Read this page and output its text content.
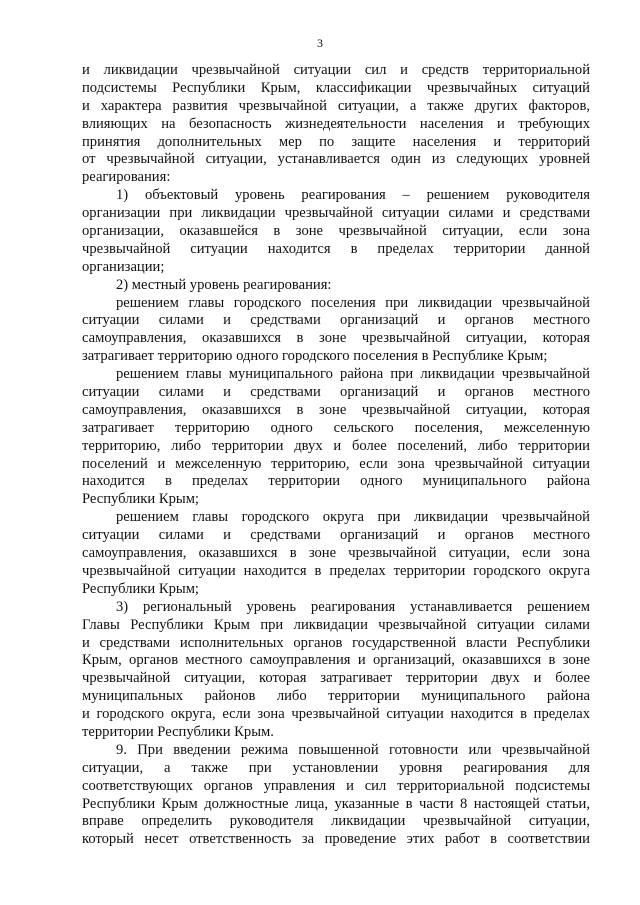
3
и ликвидации чрезвычайной ситуации сил и средств территориальной
подсистемы Республики Крым, классификации чрезвычайных ситуаций
и характера развития чрезвычайной ситуации, а также других факторов,
влияющих на безопасность жизнедеятельности населения и требующих
принятия дополнительных мер по защите населения и территорий
от чрезвычайной ситуации, устанавливается один из следующих уровней
реагирования:
1) объектовый уровень реагирования – решением руководителя
организации при ликвидации чрезвычайной ситуации силами и средствами
организации, оказавшейся в зоне чрезвычайной ситуации, если зона
чрезвычайной ситуации находится в пределах территории данной
организации;
2) местный уровень реагирования:
решением главы городского поселения при ликвидации чрезвычайной
ситуации силами и средствами организаций и органов местного
самоуправления, оказавшихся в зоне чрезвычайной ситуации, которая
затрагивает территорию одного городского поселения в Республике Крым;
решением главы муниципального района при ликвидации чрезвычайной
ситуации силами и средствами организаций и органов местного
самоуправления, оказавшихся в зоне чрезвычайной ситуации, которая
затрагивает территорию одного сельского поселения, межселенную
территорию, либо территории двух и более поселений, либо территории
поселений и межселенную территорию, если зона чрезвычайной ситуации
находится в пределах территории одного муниципального района
Республики Крым;
решением главы городского округа при ликвидации чрезвычайной
ситуации силами и средствами организаций и органов местного
самоуправления, оказавшихся в зоне чрезвычайной ситуации, если зона
чрезвычайной ситуации находится в пределах территории городского округа
Республики Крым;
3) региональный уровень реагирования устанавливается решением
Главы Республики Крым при ликвидации чрезвычайной ситуации силами
и средствами исполнительных органов государственной власти Республики
Крым, органов местного самоуправления и организаций, оказавшихся в зоне
чрезвычайной ситуации, которая затрагивает территории двух и более
муниципальных районов либо территории муниципального района
и городского округа, если зона чрезвычайной ситуации находится в пределах
территории Республики Крым.
9. При введении режима повышенной готовности или чрезвычайной
ситуации, а также при установлении уровня реагирования для
соответствующих органов управления и сил территориальной подсистемы
Республики Крым должностные лица, указанные в части 8 настоящей статьи,
вправе определить руководителя ликвидации чрезвычайной ситуации,
который несет ответственность за проведение этих работ в соответствии
